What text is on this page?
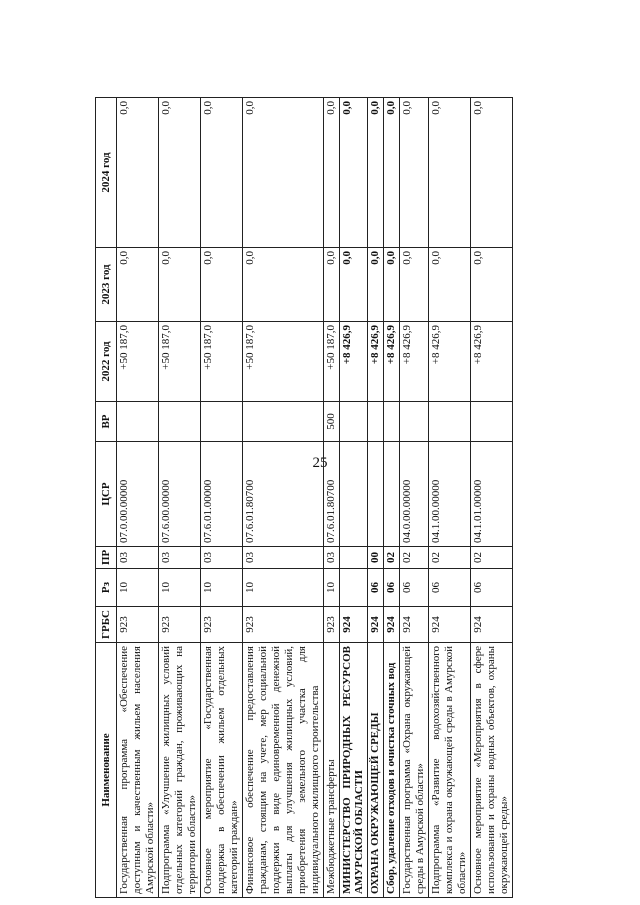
25
Наименование	ГРБС	Рз	ПР	ЦСР	ВР	2022 год	2023 год	2024 год
Государственная программа «Обеспечение доступным и качественным жильем населения Амурской области»	923	10	03	07.0.00.00000		+50 187,0	0,0	0,0
Подпрограмма «Улучшение жилищных условий отдельных категорий граждан, проживающих на территории области»	923	10	03	07.6.00.00000		+50 187,0	0,0	0,0
Основное мероприятие «Государственная поддержка в обеспечении жильем отдельных категорий граждан»	923	10	03	07.6.01.00000		+50 187,0	0,0	0,0
Финансовое обеспечение предоставления гражданам, стоящим на учете, мер социальной поддержки в виде единовременной денежной выплаты для улучшения жилищных условий, приобретения земельного участка для индивидуального жилищного строительства	923	10	03	07.6.01.80700		+50 187,0	0,0	0,0
Межбюджетные трансферты	923	10	03	07.6.01.80700	500	+50 187,0	0,0	0,0
МИНИСТЕРСТВО ПРИРОДНЫХ РЕСУРСОВ АМУРСКОЙ ОБЛАСТИ	924					+8 426,9	0,0	0,0
ОХРАНА ОКРУЖАЮЩЕЙ СРЕДЫ	924	06	00			+8 426,9	0,0	0,0
Сбор, удаление отходов и очистка сточных вод	924	06	02			+8 426,9	0,0	0,0
Государственная программа «Охрана окружающей среды в Амурской области»	924	06	02	04.0.00.00000		+8 426,9	0,0	0,0
Подпрограмма «Развитие водохозяйственного комплекса и охрана окружающей среды в Амурской области»	924	06	02	04.1.00.00000		+8 426,9	0,0	0,0
Основное мероприятие «Мероприятия в сфере использования и охраны водных объектов, охраны окружающей среды»	924	06	02	04.1.01.00000		+8 426,9	0,0	0,0
